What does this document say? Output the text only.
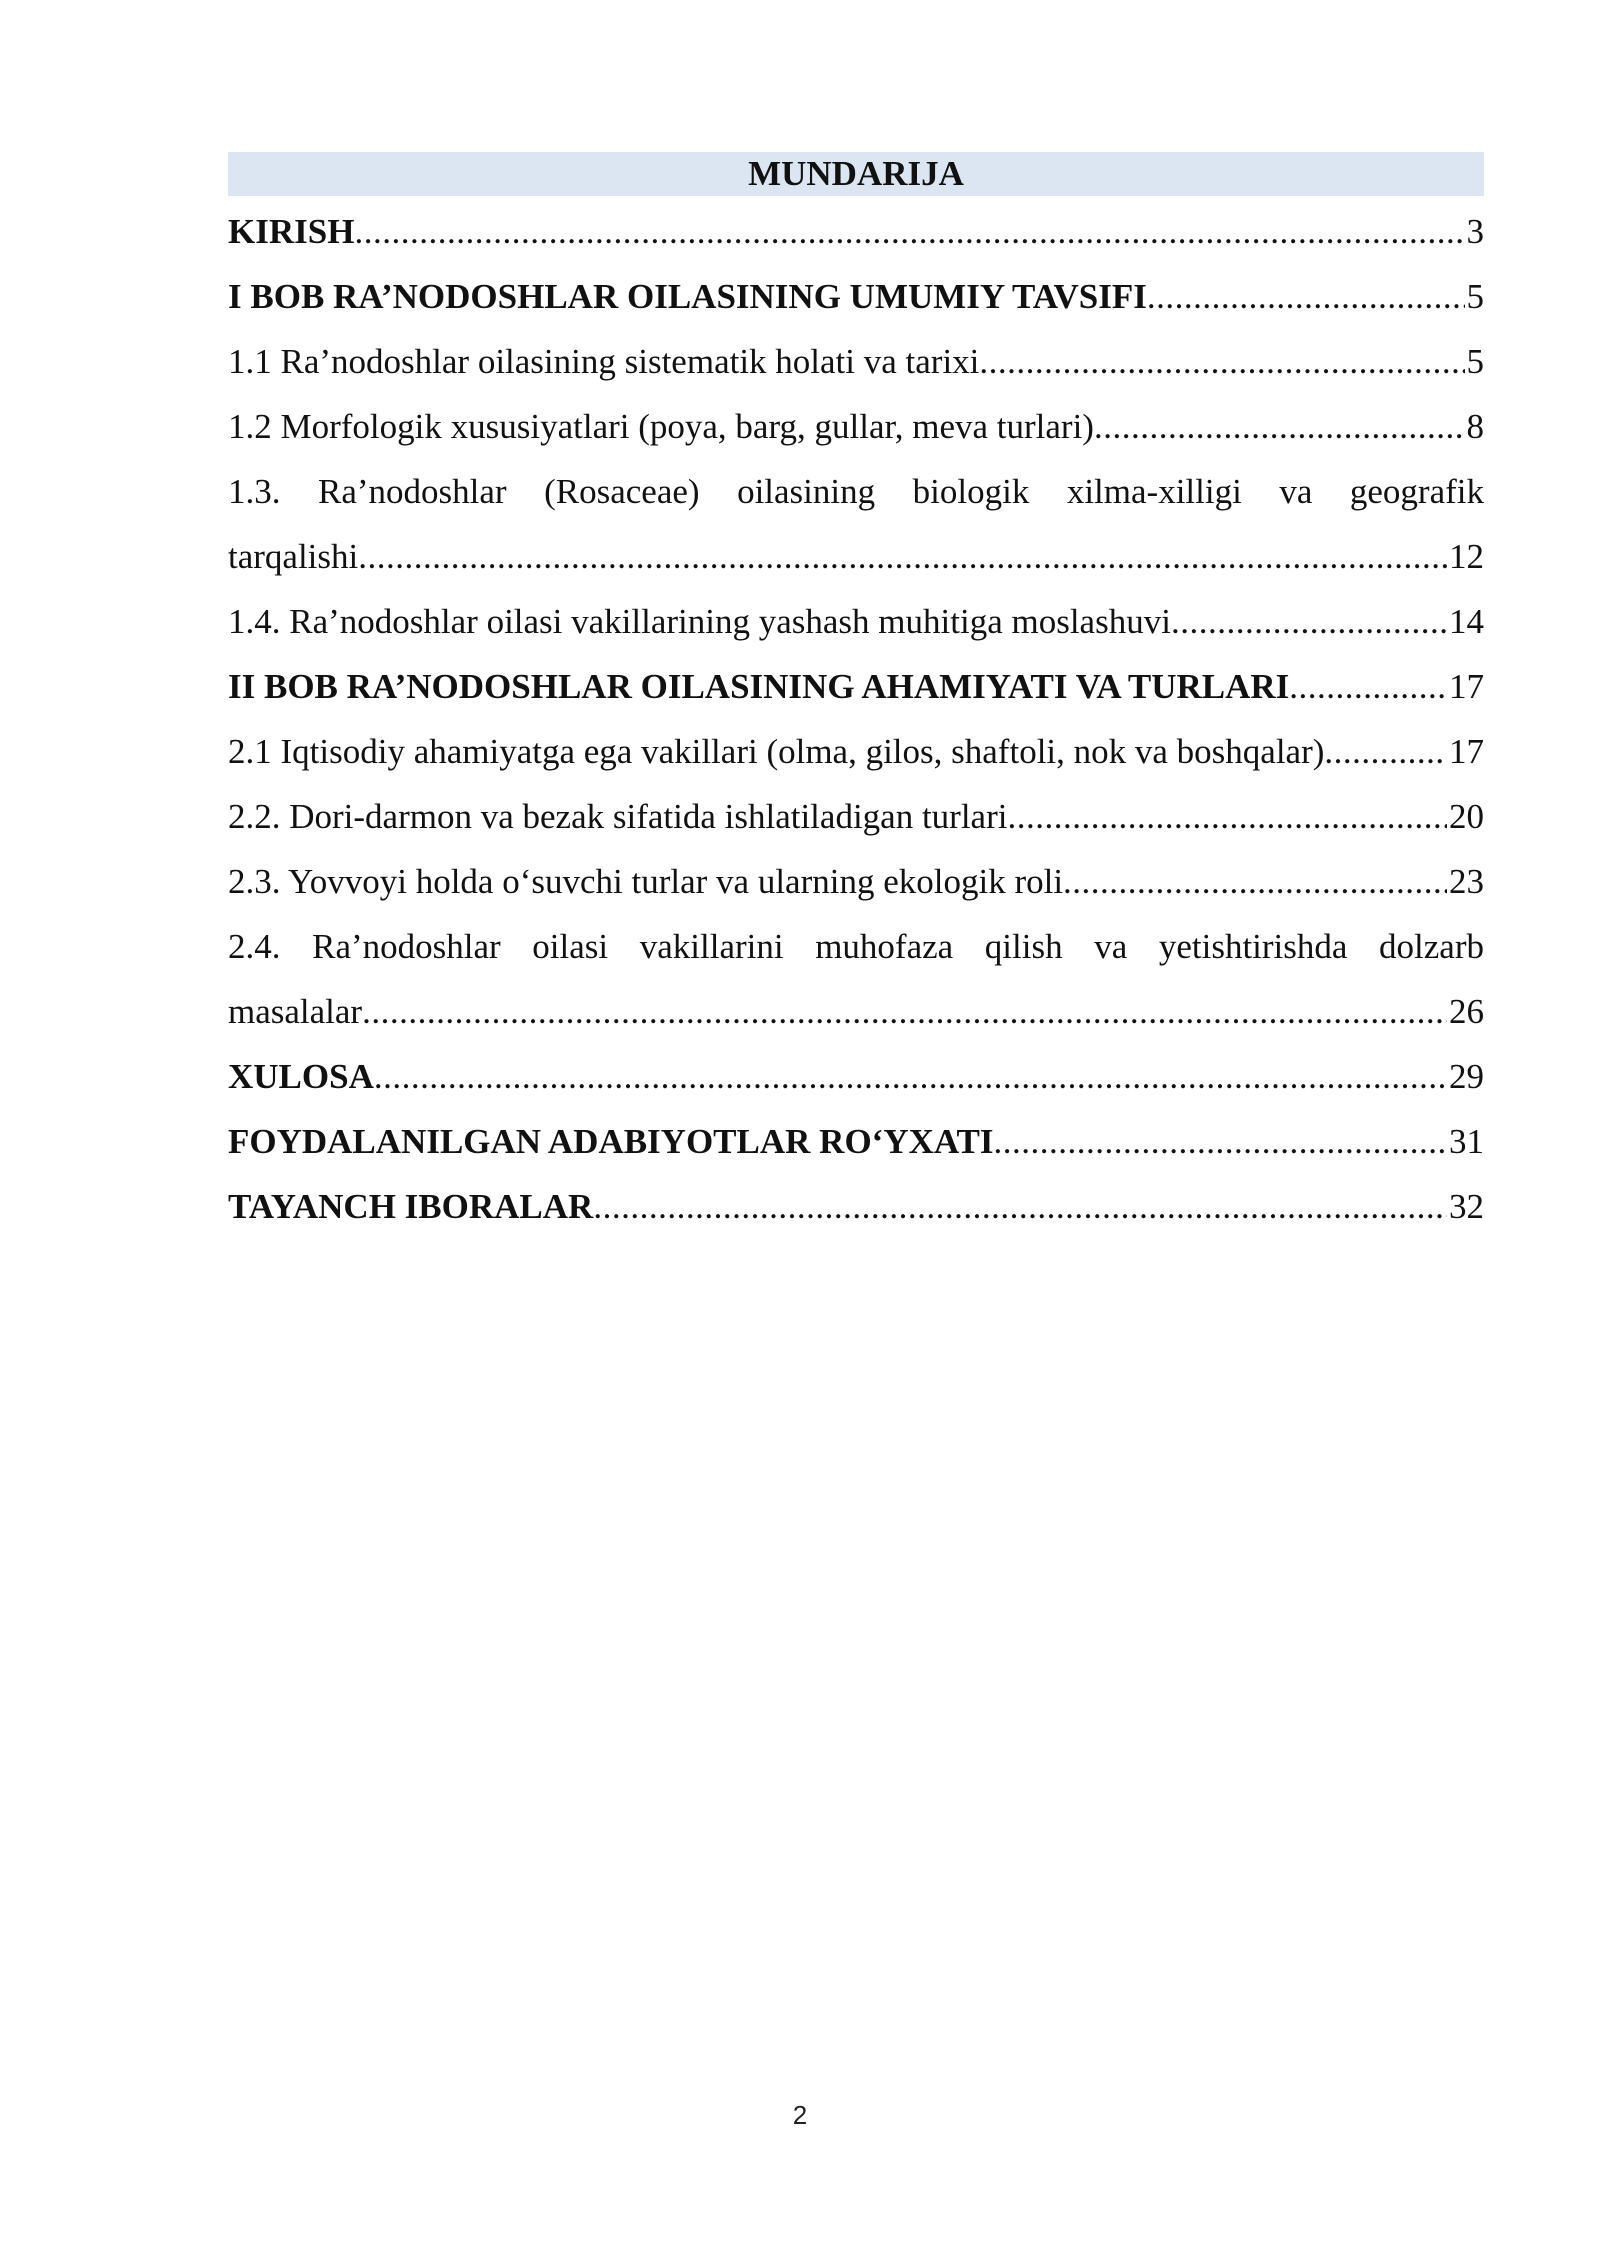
MUNDARIJA
KIRISH .....	3
I BOB RA’NODOSHLAR OILASINING UMUMIY TAVSIFI .....	5
1.1 Ra’nodoshlar oilasining sistematik holati va tarixi .....	5
1.2 Morfologik xususiyatlari (poya, barg, gullar, meva turlari) .....	8
1.3. Ra’nodoshlar (Rosaceae) oilasining biologik xilma-xilligi va geografik
tarqalishi .....	12
1.4. Ra’nodoshlar oilasi vakillarining yashash muhitiga moslashuvi .....	14
II BOB RA’NODOSHLAR OILASINING AHAMIYATI VA TURLARI .....	17
2.1 Iqtisodiy ahamiyatga ega vakillari (olma, gilos, shaftoli, nok va boshqalar) .....	17
2.2. Dori-darmon va bezak sifatida ishlatiladigan turlari .....	20
2.3. Yovvoyi holda o‘suvchi turlar va ularning ekologik roli .....	23
2.4. Ra’nodoshlar oilasi vakillarini muhofaza qilish va yetishtirishda dolzarb
masalalar .....	26
XULOSA .....	29
FOYDALANILGAN ADABIYOTLAR RO‘YXATI .....	31
TAYANCH IBORALAR .....	32
2
